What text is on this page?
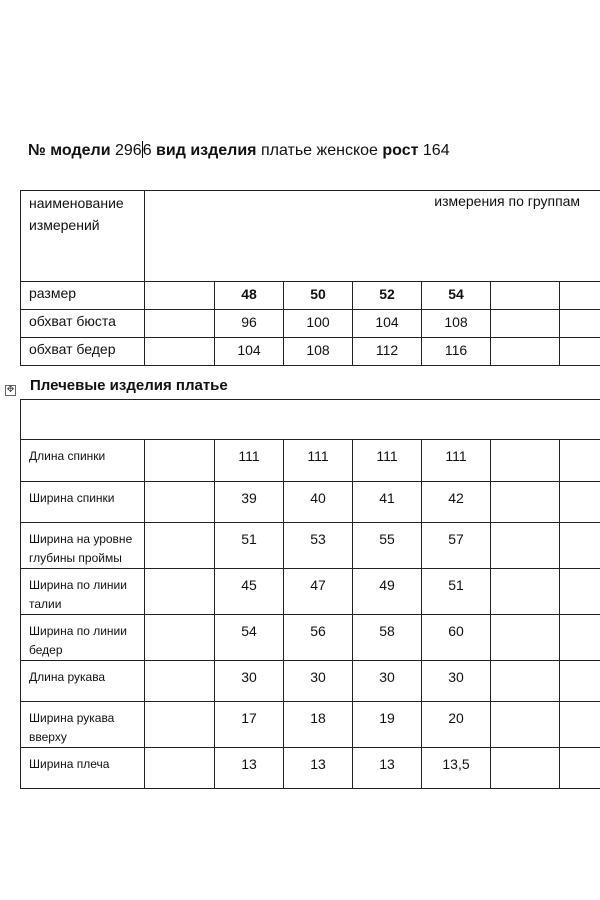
№ модели 2966 вид изделия платье женское рост 164
наименование измерений	измерения по группам						
размер		48	50	52	54		
обхват бюста		96	100	104	108		
обхват бедер		104	108	112	116		
✥ Плечевые изделия платье

Длина спинки		111	111	111	111		
Ширина спинки		39	40	41	42		
Ширина на уровне глубины проймы		51	53	55	57		
Ширина по линии талии		45	47	49	51		
Ширина по линии бедер		54	56	58	60		
Длина рукава		30	30	30	30		
Ширина рукава вверху		17	18	19	20		
Ширина плеча		13	13	13	13,5		
